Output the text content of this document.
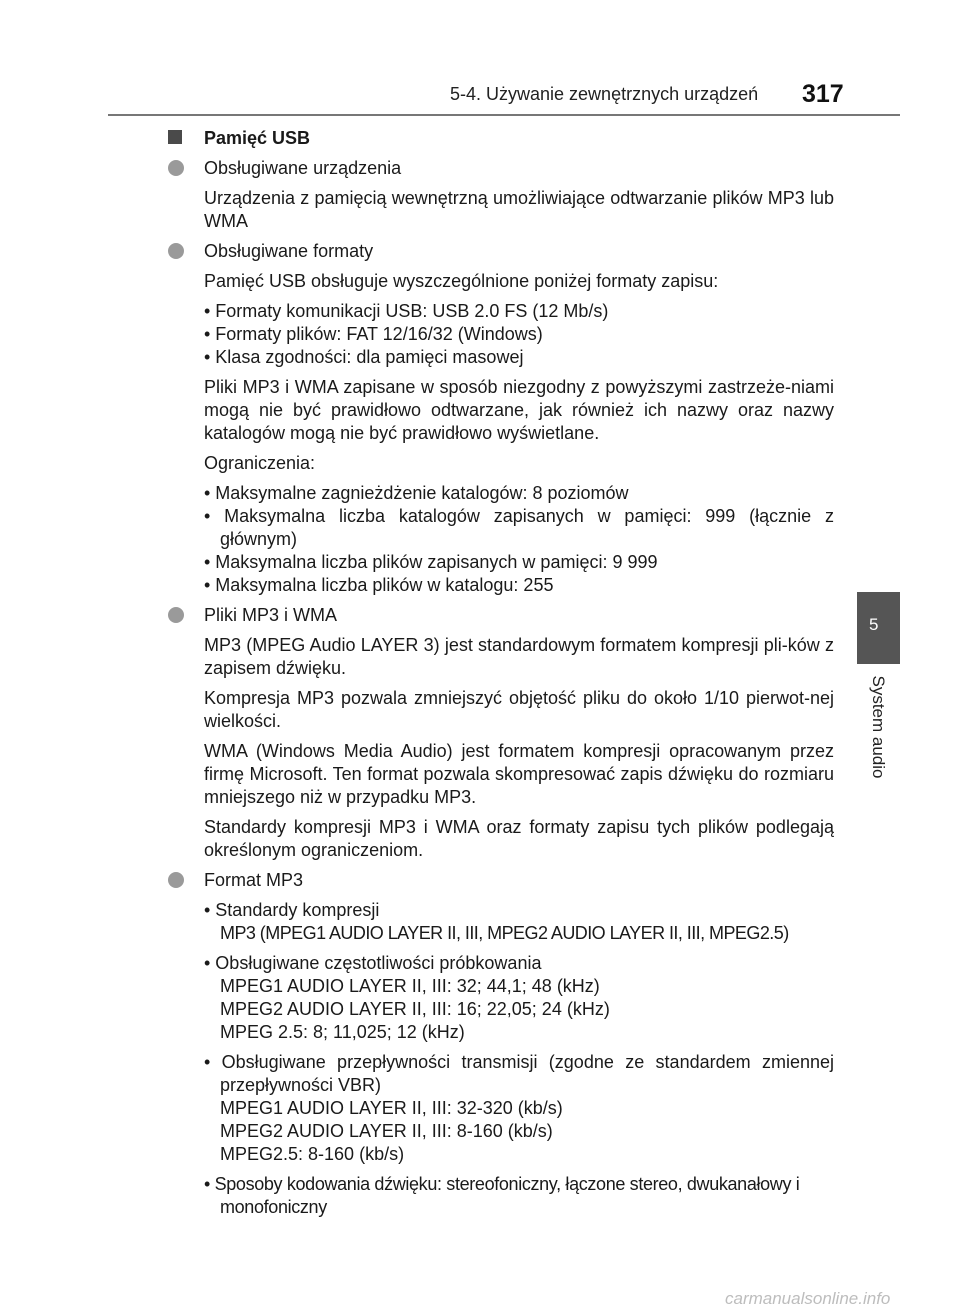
5-4. Używanie zewnętrznych urządzeń 317
5
System audio
Pamięć USB
Obsługiwane urządzenia
Urządzenia z pamięcią wewnętrzną umożliwiające odtwarzanie plików MP3 lub WMA
Obsługiwane formaty
Pamięć USB obsługuje wyszczególnione poniżej formaty zapisu:
• Formaty komunikacji USB: USB 2.0 FS (12 Mb/s)
• Formaty plików: FAT 12/16/32 (Windows)
• Klasa zgodności: dla pamięci masowej
Pliki MP3 i WMA zapisane w sposób niezgodny z powyższymi zastrzeże-niami mogą nie być prawidłowo odtwarzane, jak również ich nazwy oraz nazwy katalogów mogą nie być prawidłowo wyświetlane.
Ograniczenia:
• Maksymalne zagnieżdżenie katalogów: 8 poziomów
• Maksymalna liczba katalogów zapisanych w pamięci: 999 (łącznie z głównym)
• Maksymalna liczba plików zapisanych w pamięci: 9 999
• Maksymalna liczba plików w katalogu: 255
Pliki MP3 i WMA
MP3 (MPEG Audio LAYER 3) jest standardowym formatem kompresji pli-ków z zapisem dźwięku.
Kompresja MP3 pozwala zmniejszyć objętość pliku do około 1/10 pierwot-nej wielkości.
WMA (Windows Media Audio) jest formatem kompresji opracowanym przez firmę Microsoft. Ten format pozwala skompresować zapis dźwięku do rozmiaru mniejszego niż w przypadku MP3.
Standardy kompresji MP3 i WMA oraz formaty zapisu tych plików podlegają określonym ograniczeniom.
Format MP3
• Standardy kompresji
MP3 (MPEG1 AUDIO LAYER II, III, MPEG2 AUDIO LAYER II, III, MPEG2.5)
• Obsługiwane częstotliwości próbkowania
MPEG1 AUDIO LAYER II, III: 32; 44,1; 48 (kHz)
MPEG2 AUDIO LAYER II, III: 16; 22,05; 24 (kHz)
MPEG 2.5: 8; 11,025; 12 (kHz)
• Obsługiwane przepływności transmisji (zgodne ze standardem zmiennej przepływności VBR)
MPEG1 AUDIO LAYER II, III: 32-320 (kb/s)
MPEG2 AUDIO LAYER II, III: 8-160 (kb/s)
MPEG2.5: 8-160 (kb/s)
• Sposoby kodowania dźwięku: stereofoniczny, łączone stereo, dwukanałowy i monofoniczny
carmanualsonline.info
